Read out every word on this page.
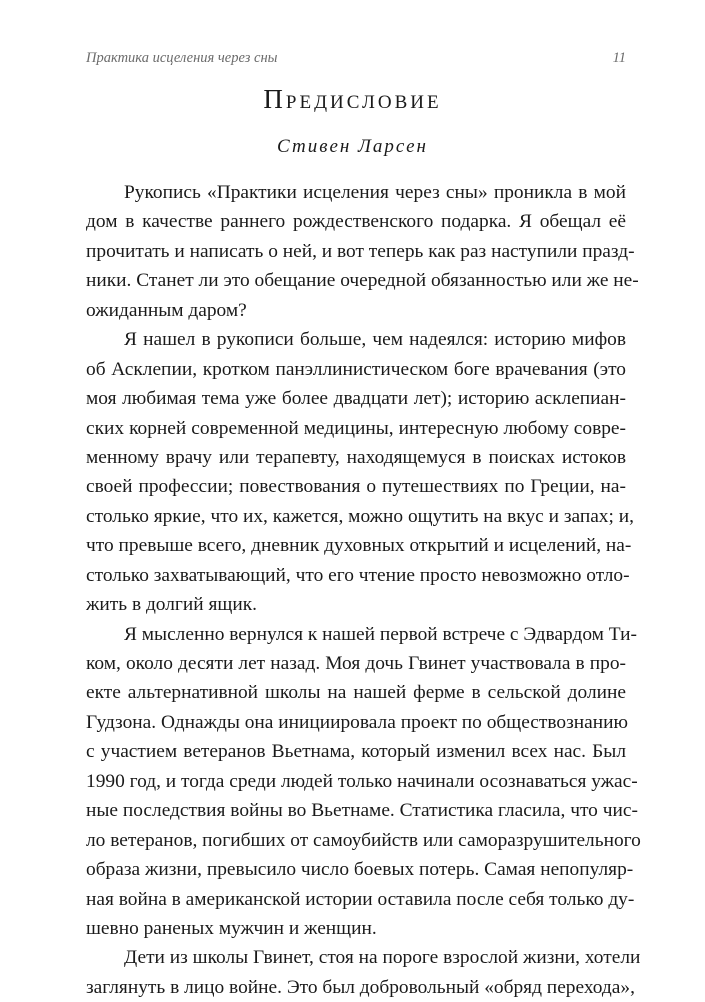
Практика исцеления через сны	11
Предисловие
Стивен Ларсен
Рукопись «Практики исцеления через сны» проникла в мой
дом в качестве раннего рождественского подарка. Я обещал её
прочитать и написать о ней, и вот теперь как раз наступили празд-
ники. Станет ли это обещание очередной обязанностью или же не-
ожиданным даром?
Я нашел в рукописи больше, чем надеялся: историю мифов
об Асклепии, кротком панэллинистическом боге врачевания (это
моя любимая тема уже более двадцати лет); историю асклепиан-
ских корней современной медицины, интересную любому совре-
менному врачу или терапевту, находящемуся в поисках истоков
своей профессии; повествования о путешествиях по Греции, на-
столько яркие, что их, кажется, можно ощутить на вкус и запах; и,
что превыше всего, дневник духовных открытий и исцелений, на-
столько захватывающий, что его чтение просто невозможно отло-
жить в долгий ящик.
Я мысленно вернулся к нашей первой встрече с Эдвардом Ти-
ком, около десяти лет назад. Моя дочь Гвинет участвовала в про-
екте альтернативной школы на нашей ферме в сельской долине
Гудзона. Однажды она инициировала проект по обществознанию
с участием ветеранов Вьетнама, который изменил всех нас. Был
1990 год, и тогда среди людей только начинали осознаваться ужас-
ные последствия войны во Вьетнаме. Статистика гласила, что чис-
ло ветеранов, погибших от самоубийств или саморазрушительного
образа жизни, превысило число боевых потерь. Самая непопуляр-
ная война в американской истории оставила после себя только ду-
шевно раненых мужчин и женщин.
Дети из школы Гвинет, стоя на пороге взрослой жизни, хотели
заглянуть в лицо войне. Это был добровольный «обряд перехода»,
